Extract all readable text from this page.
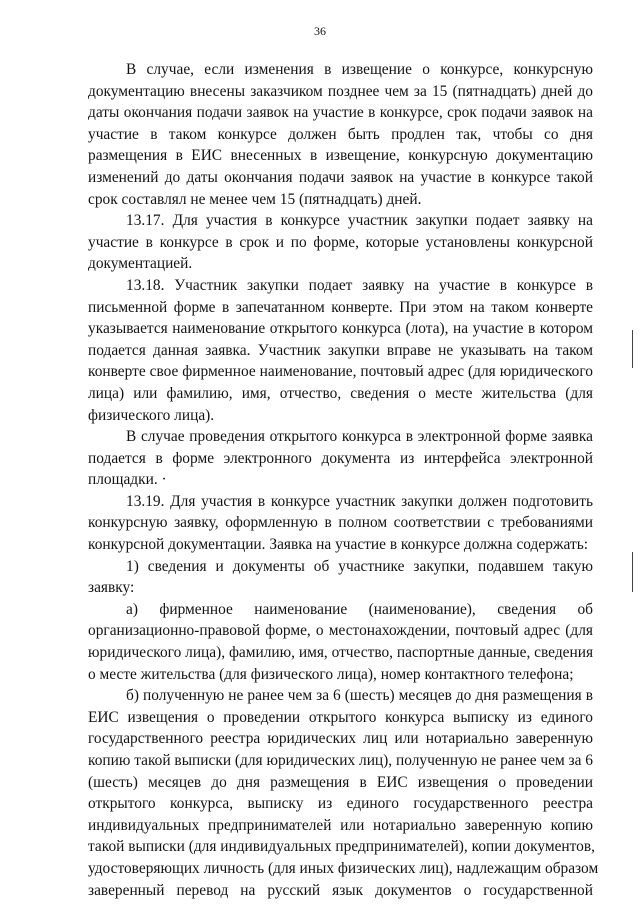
36
В случае, если изменения в извещение о конкурсе, конкурсную
документацию внесены заказчиком позднее чем за 15 (пятнадцать) дней до
даты окончания подачи заявок на участие в конкурсе, срок подачи заявок на
участие в таком конкурсе должен быть продлен так, чтобы со дня
размещения в ЕИС внесенных в извещение, конкурсную документацию
изменений до даты окончания подачи заявок на участие в конкурсе такой
срок составлял не менее чем 15 (пятнадцать) дней.
13.17. Для участия в конкурсе участник закупки подает заявку на
участие в конкурсе в срок и по форме, которые установлены конкурсной
документацией.
13.18. Участник закупки подает заявку на участие в конкурсе в
письменной форме в запечатанном конверте. При этом на таком конверте
указывается наименование открытого конкурса (лота), на участие в котором
подается данная заявка. Участник закупки вправе не указывать на таком
конверте свое фирменное наименование, почтовый адрес (для юридического
лица) или фамилию, имя, отчество, сведения о месте жительства (для
физического лица).
В случае проведения открытого конкурса в электронной форме заявка
подается в форме электронного документа из интерфейса электронной
площадки. ·
13.19. Для участия в конкурсе участник закупки должен подготовить
конкурсную заявку, оформленную в полном соответствии с требованиями
конкурсной документации. Заявка на участие в конкурсе должна содержать:
1) сведения и документы об участнике закупки, подавшем такую
заявку:
а) фирменное наименование (наименование), сведения об
организационно-правовой форме, о местонахождении, почтовый адрес (для
юридического лица), фамилию, имя, отчество, паспортные данные, сведения
о месте жительства (для физического лица), номер контактного телефона;
б) полученную не ранее чем за 6 (шесть) месяцев до дня размещения в
ЕИС извещения о проведении открытого конкурса выписку из единого
государственного реестра юридических лиц или нотариально заверенную
копию такой выписки (для юридических лиц), полученную не ранее чем за 6
(шесть) месяцев до дня размещения в ЕИС извещения о проведении
открытого конкурса, выписку из единого государственного реестра
индивидуальных предпринимателей или нотариально заверенную копию
такой выписки (для индивидуальных предпринимателей), копии документов,
удостоверяющих личность (для иных физических лиц), надлежащим образом
заверенный перевод на русский язык документов о государственной
